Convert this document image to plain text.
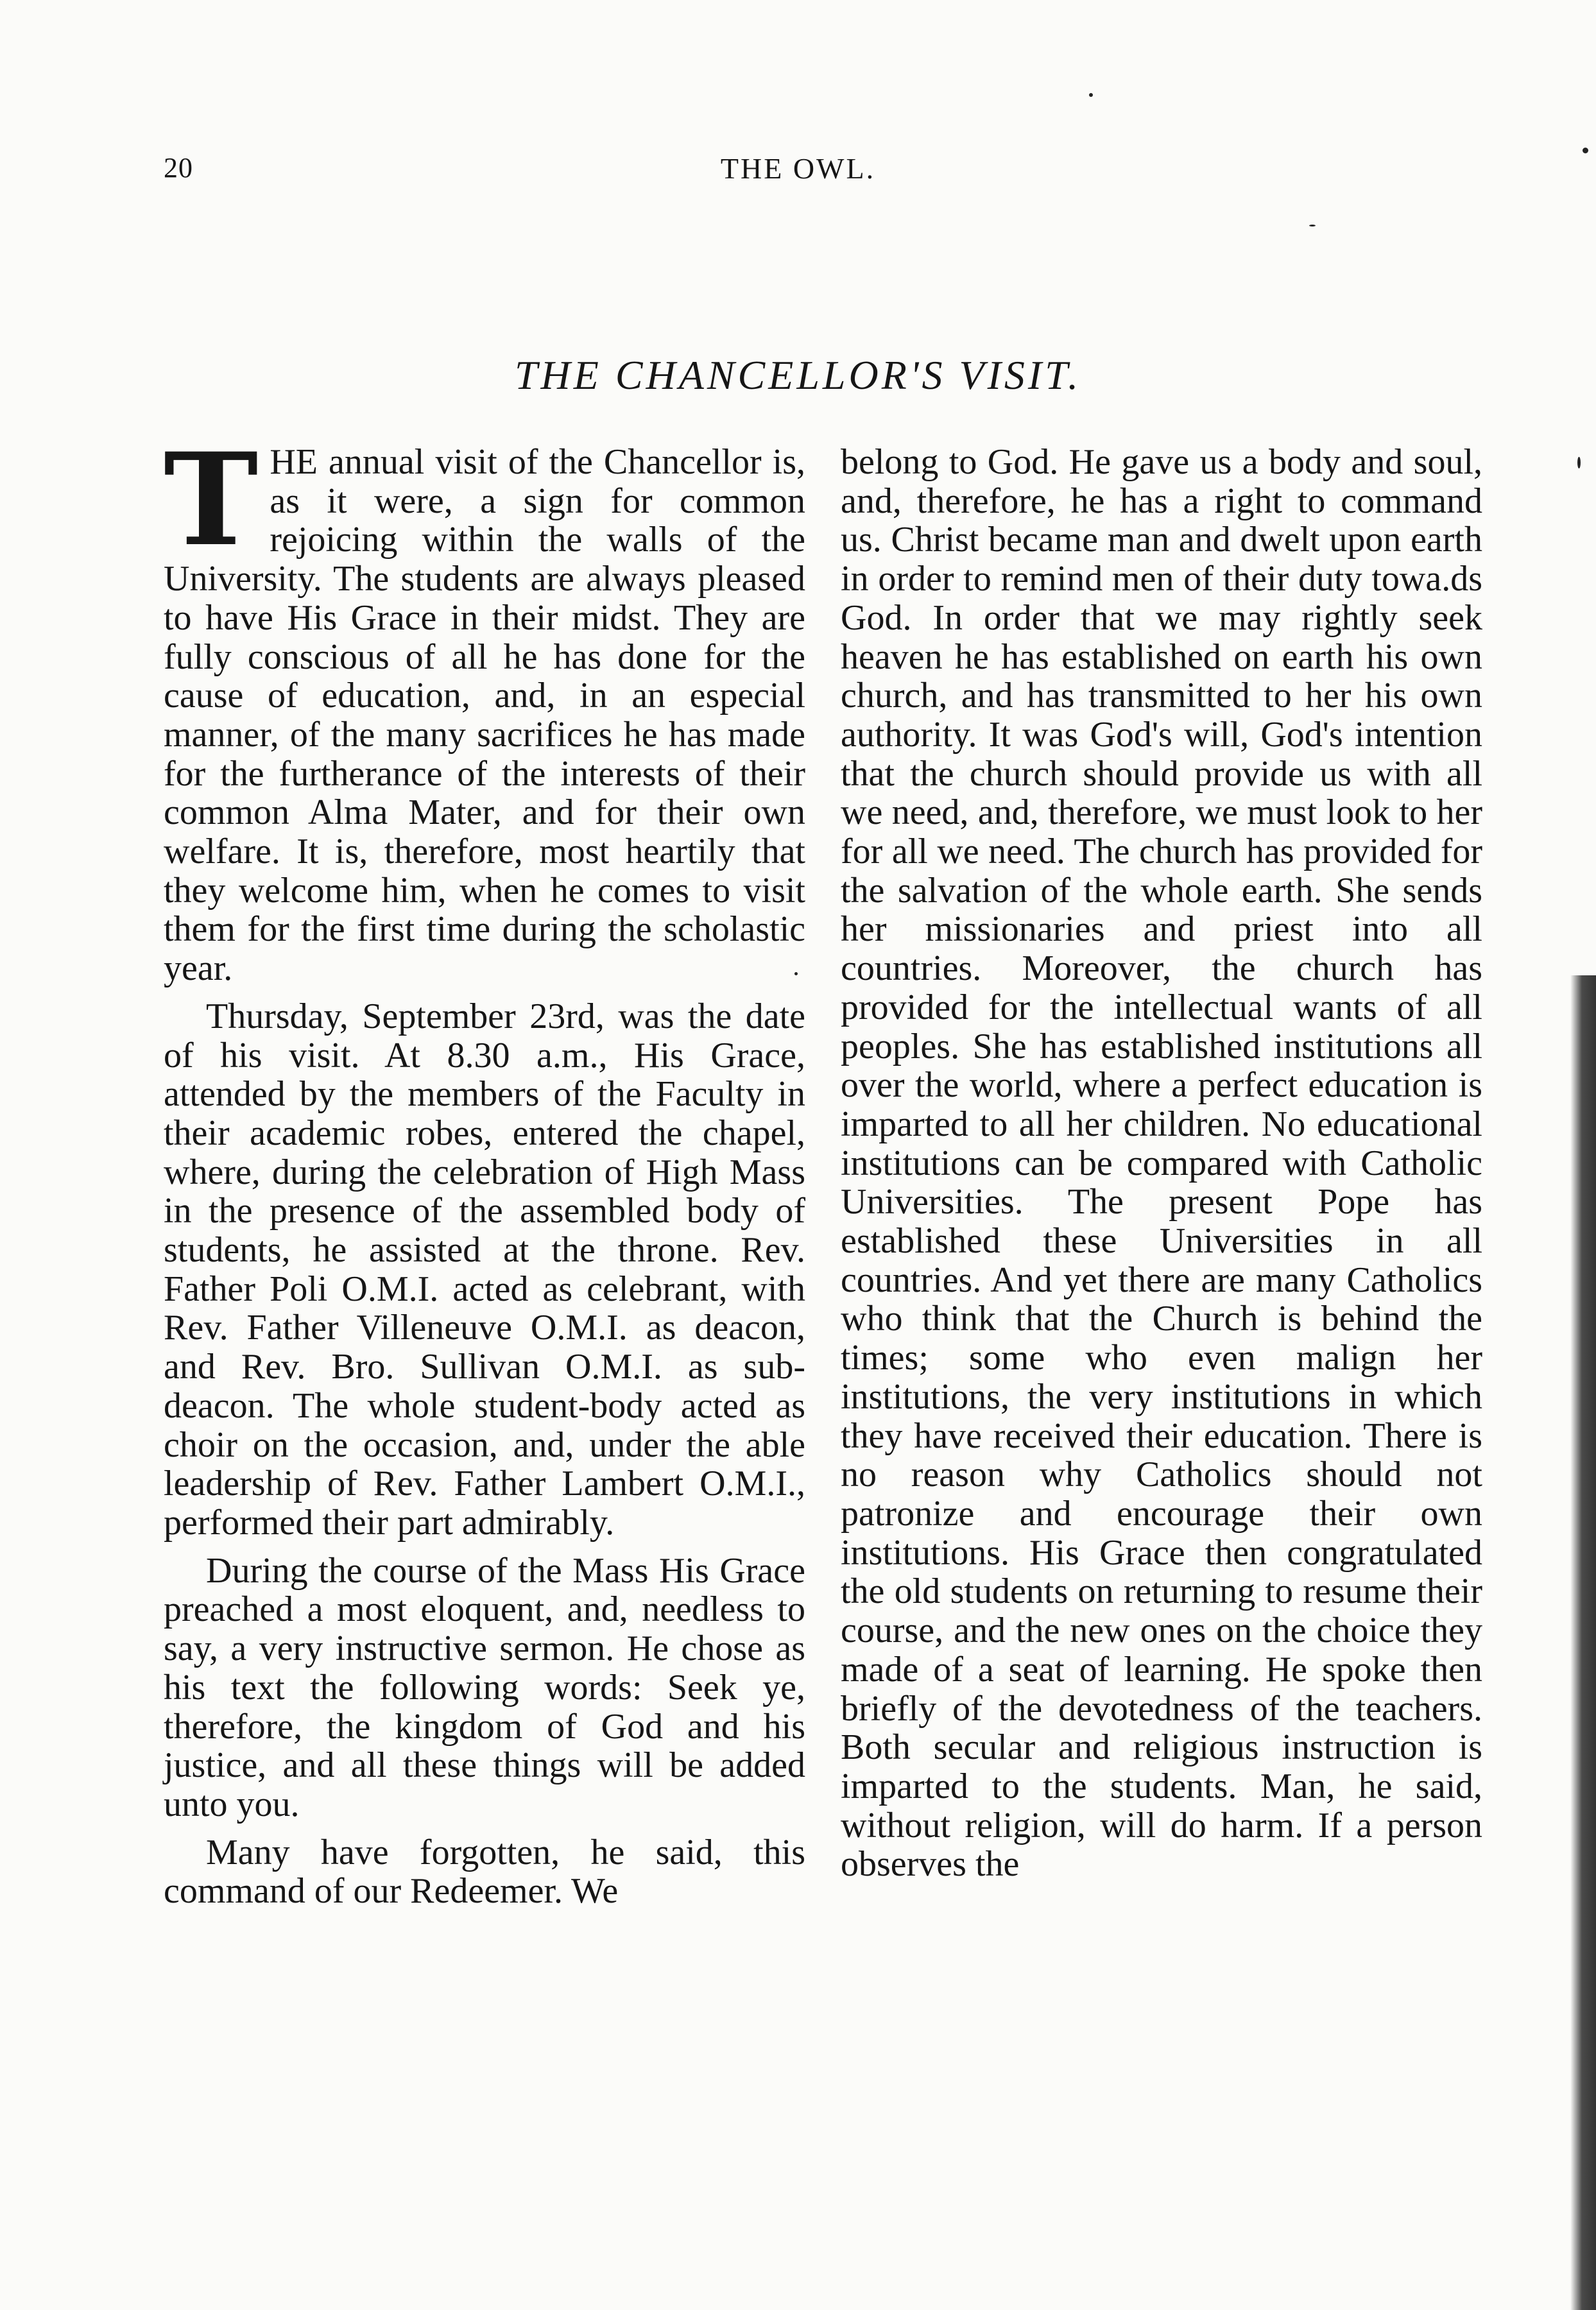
20	THE OWL.
THE CHANCELLOR'S VISIT.

THE annual visit of the Chancellor is, as it were, a sign for common rejoicing within the walls of the University. The students are always pleased to have His Grace in their midst. They are fully conscious of all he has done for the cause of education, and, in an especial manner, of the many sacrifices he has made for the furtherance of the interests of their common Alma Mater, and for their own welfare. It is, therefore, most heartily that they welcome him, when he comes to visit them for the first time during the scholastic year.

Thursday, September 23rd, was the date of his visit. At 8.30 a.m., His Grace, attended by the members of the Faculty in their academic robes, entered the chapel, where, during the celebration of High Mass in the presence of the assembled body of students, he assisted at the throne. Rev. Father Poli O.M.I. acted as celebrant, with Rev. Father Villeneuve O.M.I. as deacon, and Rev. Bro. Sullivan O.M.I. as sub-deacon. The whole student-body acted as choir on the occasion, and, under the able leadership of Rev. Father Lambert O.M.I., performed their part admirably.

During the course of the Mass His Grace preached a most eloquent, and, needless to say, a very instructive sermon. He chose as his text the following words: Seek ye, therefore, the kingdom of God and his justice, and all these things will be added unto you.

Many have forgotten, he said, this command of our Redeemer. We

belong to God. He gave us a body and soul, and, therefore, he has a right to command us. Christ became man and dwelt upon earth in order to remind men of their duty towa.ds God. In order that we may rightly seek heaven he has established on earth his own church, and has transmitted to her his own authority. It was God's will, God's intention that the church should provide us with all we need, and, therefore, we must look to her for all we need. The church has provided for the salvation of the whole earth. She sends her missionaries and priest into all countries. Moreover, the church has provided for the intellectual wants of all peoples. She has established institutions all over the world, where a perfect education is imparted to all her children. No educational institutions can be compared with Catholic Universities. The present Pope has established these Universities in all countries. And yet there are many Catholics who think that the Church is behind the times; some who even malign her institutions, the very institutions in which they have received their education. There is no reason why Catholics should not patronize and encourage their own institutions. His Grace then congratulated the old students on returning to resume their course, and the new ones on the choice they made of a seat of learning. He spoke then briefly of the devotedness of the teachers. Both secular and religious instruction is imparted to the students. Man, he said, without religion, will do harm. If a person observes the
